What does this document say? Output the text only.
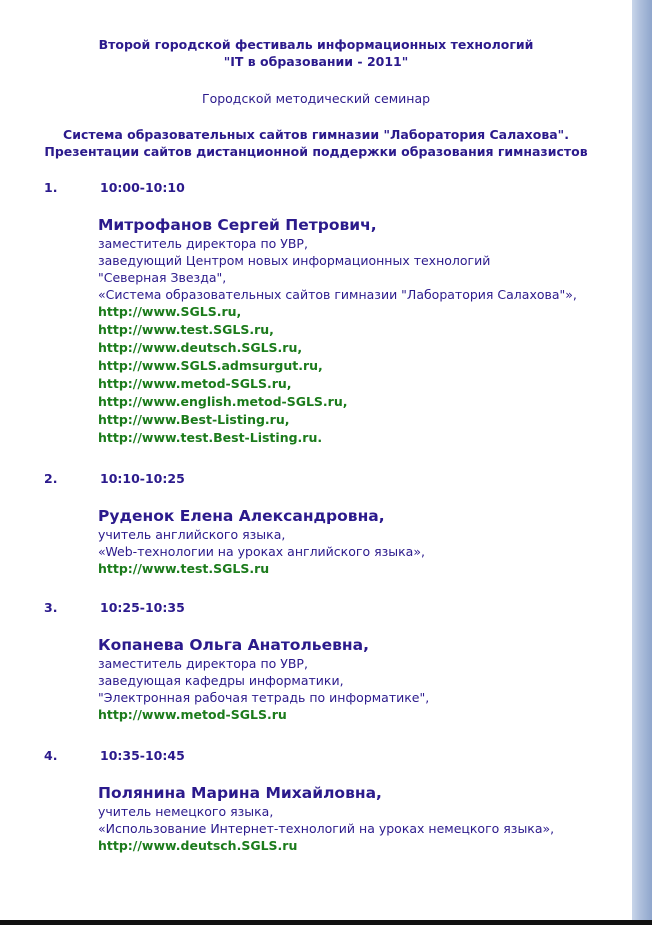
Второй городской фестиваль информационных технологий
"IT в образовании - 2011"
Городской методический семинар
Система образовательных сайтов гимназии "Лаборатория Салахова".
Презентации сайтов дистанционной поддержки образования гимназистов
1.	10:00-10:10
Митрофанов Сергей Петрович,
заместитель директора по УВР,
заведующий Центром новых информационных технологий
"Северная Звезда",
«Система образовательных сайтов гимназии "Лаборатория Салахова"»,
http://www.SGLS.ru,
http://www.test.SGLS.ru,
http://www.deutsch.SGLS.ru,
http://www.SGLS.admsurgut.ru,
http://www.metod-SGLS.ru,
http://www.english.metod-SGLS.ru,
http://www.Best-Listing.ru,
http://www.test.Best-Listing.ru.
2.	10:10-10:25
Руденок Елена Александровна,
учитель английского языка,
«Web-технологии на уроках английского языка»,
http://www.test.SGLS.ru
3.	10:25-10:35
Копанева Ольга Анатольевна,
заместитель директора по УВР,
заведующая кафедры информатики,
"Электронная рабочая тетрадь по информатике",
http://www.metod-SGLS.ru
4.	10:35-10:45
Полянина Марина Михайловна,
учитель немецкого языка,
«Использование Интернет-технологий на уроках немецкого языка»,
http://www.deutsch.SGLS.ru
